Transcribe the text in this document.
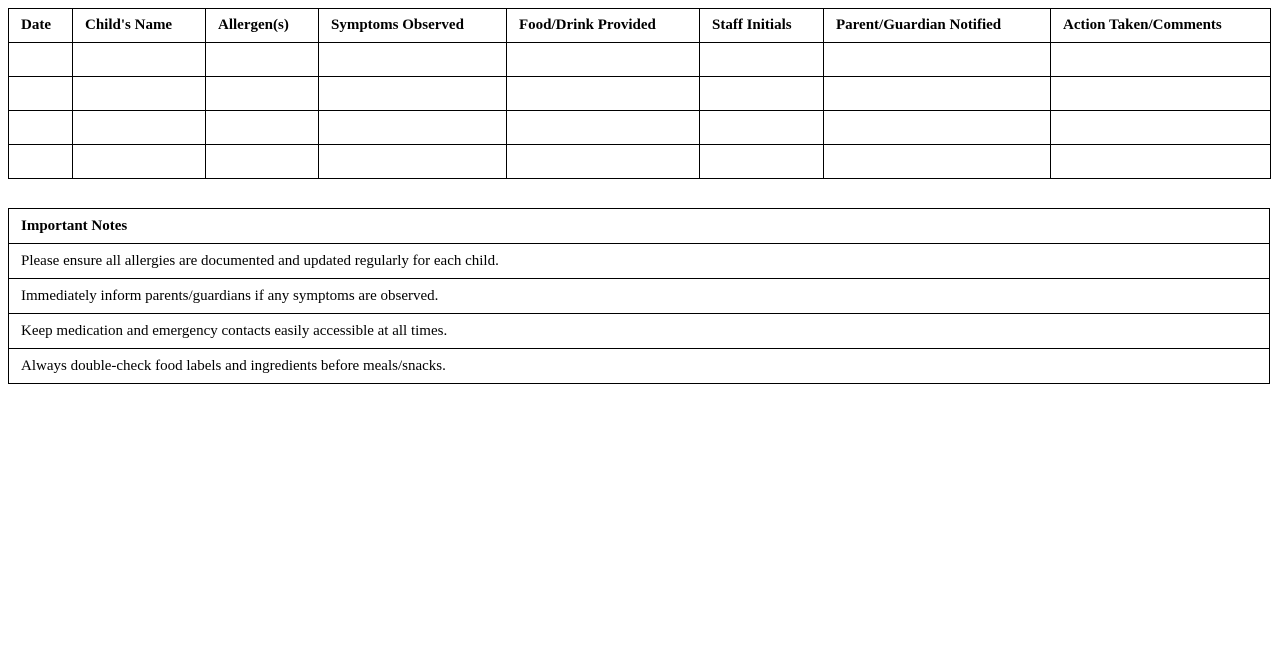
Date	Child's Name	Allergen(s)	Symptoms Observed	Food/Drink Provided	Staff Initials	Parent/Guardian Notified	Action Taken/Comments

Important Notes
Please ensure all allergies are documented and updated regularly for each child.
Immediately inform parents/guardians if any symptoms are observed.
Keep medication and emergency contacts easily accessible at all times.
Always double-check food labels and ingredients before meals/snacks.
